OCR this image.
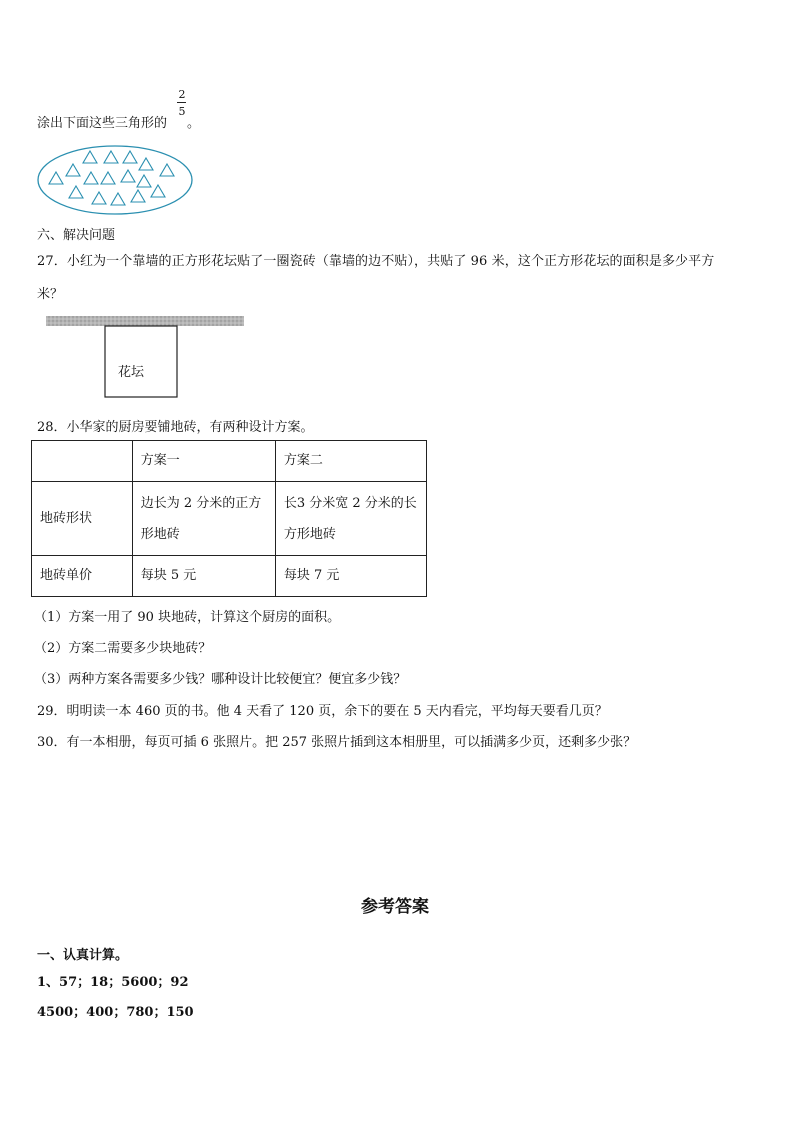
涂出下面这些三角形的
2
5
。
六、解决问题
27．小红为一个靠墙的正方形花坛贴了一圈瓷砖（靠墙的边不贴），共贴了 96 米，这个正方形花坛的面积是多少平方
米？
花坛
28．小华家的厨房要铺地砖，有两种设计方案。
	方案一	方案二
地砖形状	边长为 2 分米的正方形地砖	长3 分米宽 2 分米的长方形地砖
地砖单价	每块 5 元	每块 7 元
（1）方案一用了 90 块地砖，计算这个厨房的面积。
（2）方案二需要多少块地砖？
（3）两种方案各需要多少钱？哪种设计比较便宜？便宜多少钱？
29．明明读一本 460 页的书。他 4 天看了 120 页，余下的要在 5 天内看完，平均每天要看几页？
30．有一本相册，每页可插 6 张照片。把 257 张照片插到这本相册里，可以插满多少页，还剩多少张？
参考答案
一、认真计算。
1、57；18；5600；92
4500；400；780；150
